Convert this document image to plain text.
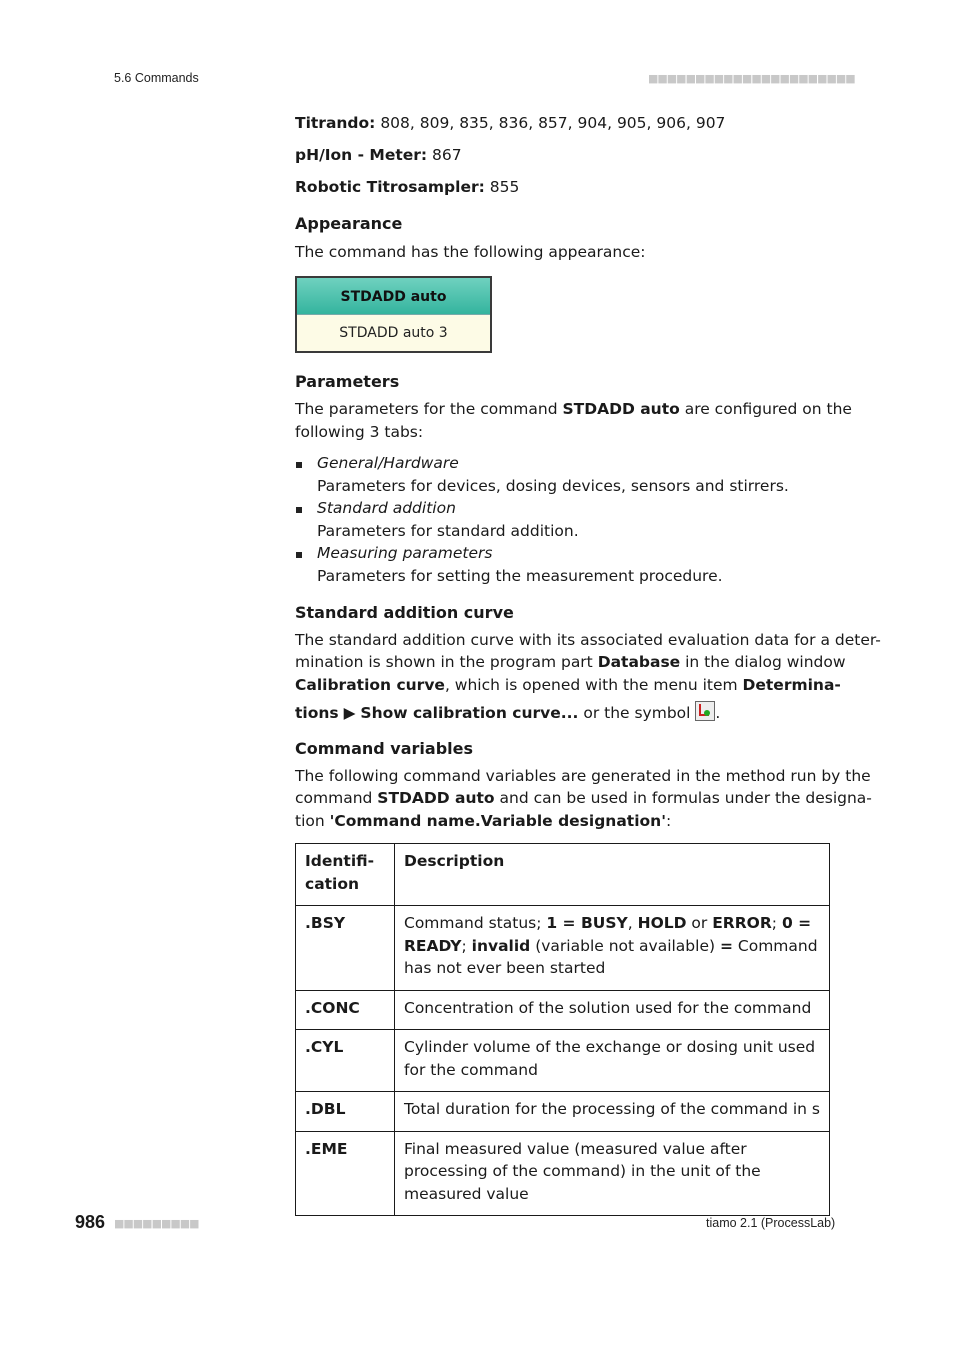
5.6 Commands	■■■■■■■■■■■■■■■■■■■■■■
Titrando: 808, 809, 835, 836, 857, 904, 905, 906, 907
pH/Ion - Meter: 867
Robotic Titrosampler: 855
Appearance
The command has the following appearance:
STDADD auto
STDADD auto 3
Parameters
The parameters for the command STDADD auto are configured on the
following 3 tabs:
General/Hardware
Parameters for devices, dosing devices, sensors and stirrers.
Standard addition
Parameters for standard addition.
Measuring parameters
Parameters for setting the measurement procedure.
Standard addition curve
The standard addition curve with its associated evaluation data for a deter-
mination is shown in the program part Database in the dialog window
Calibration curve, which is opened with the menu item Determina-
tions ▶ Show calibration curve... or the symbol .
Command variables
The following command variables are generated in the method run by the
command STDADD auto and can be used in formulas under the designa-
tion 'Command name.Variable designation':
Identifi-
cation	Description
.BSY	Command status; 1 = BUSY, HOLD or ERROR; 0 = READY; invalid (variable not available) = Command has not ever been started
.CONC	Concentration of the solution used for the command
.CYL	Cylinder volume of the exchange or dosing unit used for the command
.DBL	Total duration for the processing of the command in s
.EME	Final measured value (measured value after processing of the command) in the unit of the measured value
986 ■■■■■■■■■	tiamo 2.1 (ProcessLab)
